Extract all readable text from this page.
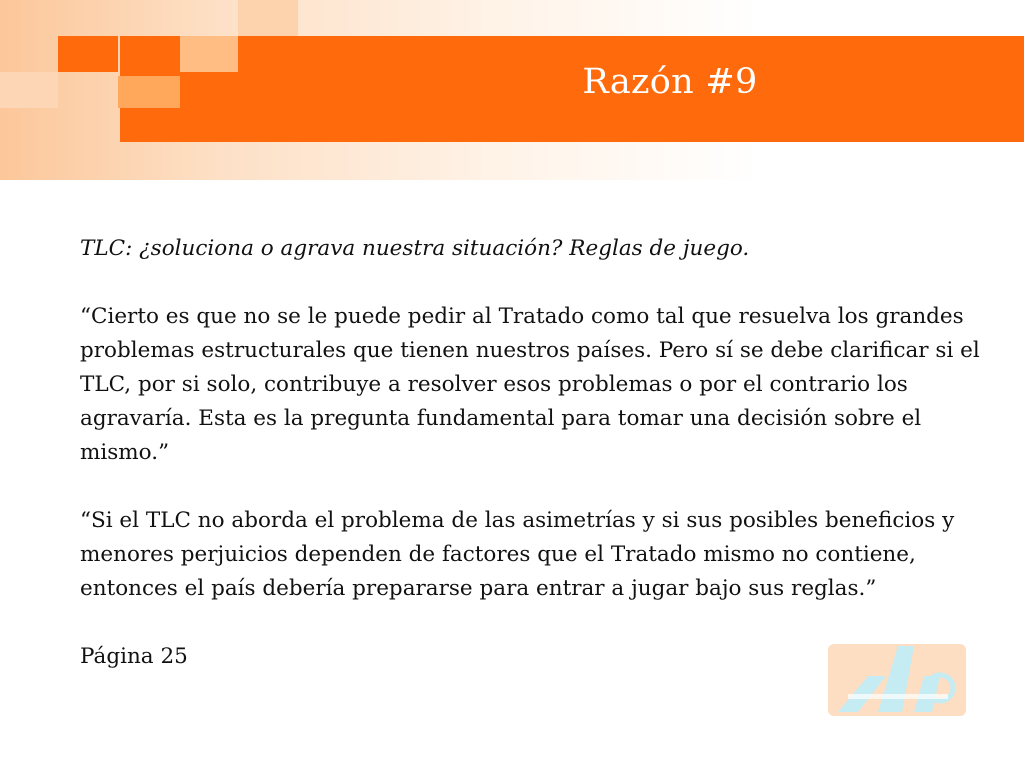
Razón #9

TLC: ¿soluciona o agrava nuestra situación? Reglas de juego.

“Cierto es que no se le puede pedir al Tratado como tal que resuelva los grandes problemas estructurales que tienen nuestros países. Pero sí se debe clarificar si el TLC, por si solo, contribuye a resolver esos problemas o por el contrario los agravaría. Esta es la pregunta fundamental para tomar una decisión sobre el mismo.”

“Si el TLC no aborda el problema de las asimetrías y si sus posibles beneficios y menores perjuicios dependen de factores que el Tratado mismo no contiene, entonces el país debería prepararse para entrar a jugar bajo sus reglas.”

Página 25
